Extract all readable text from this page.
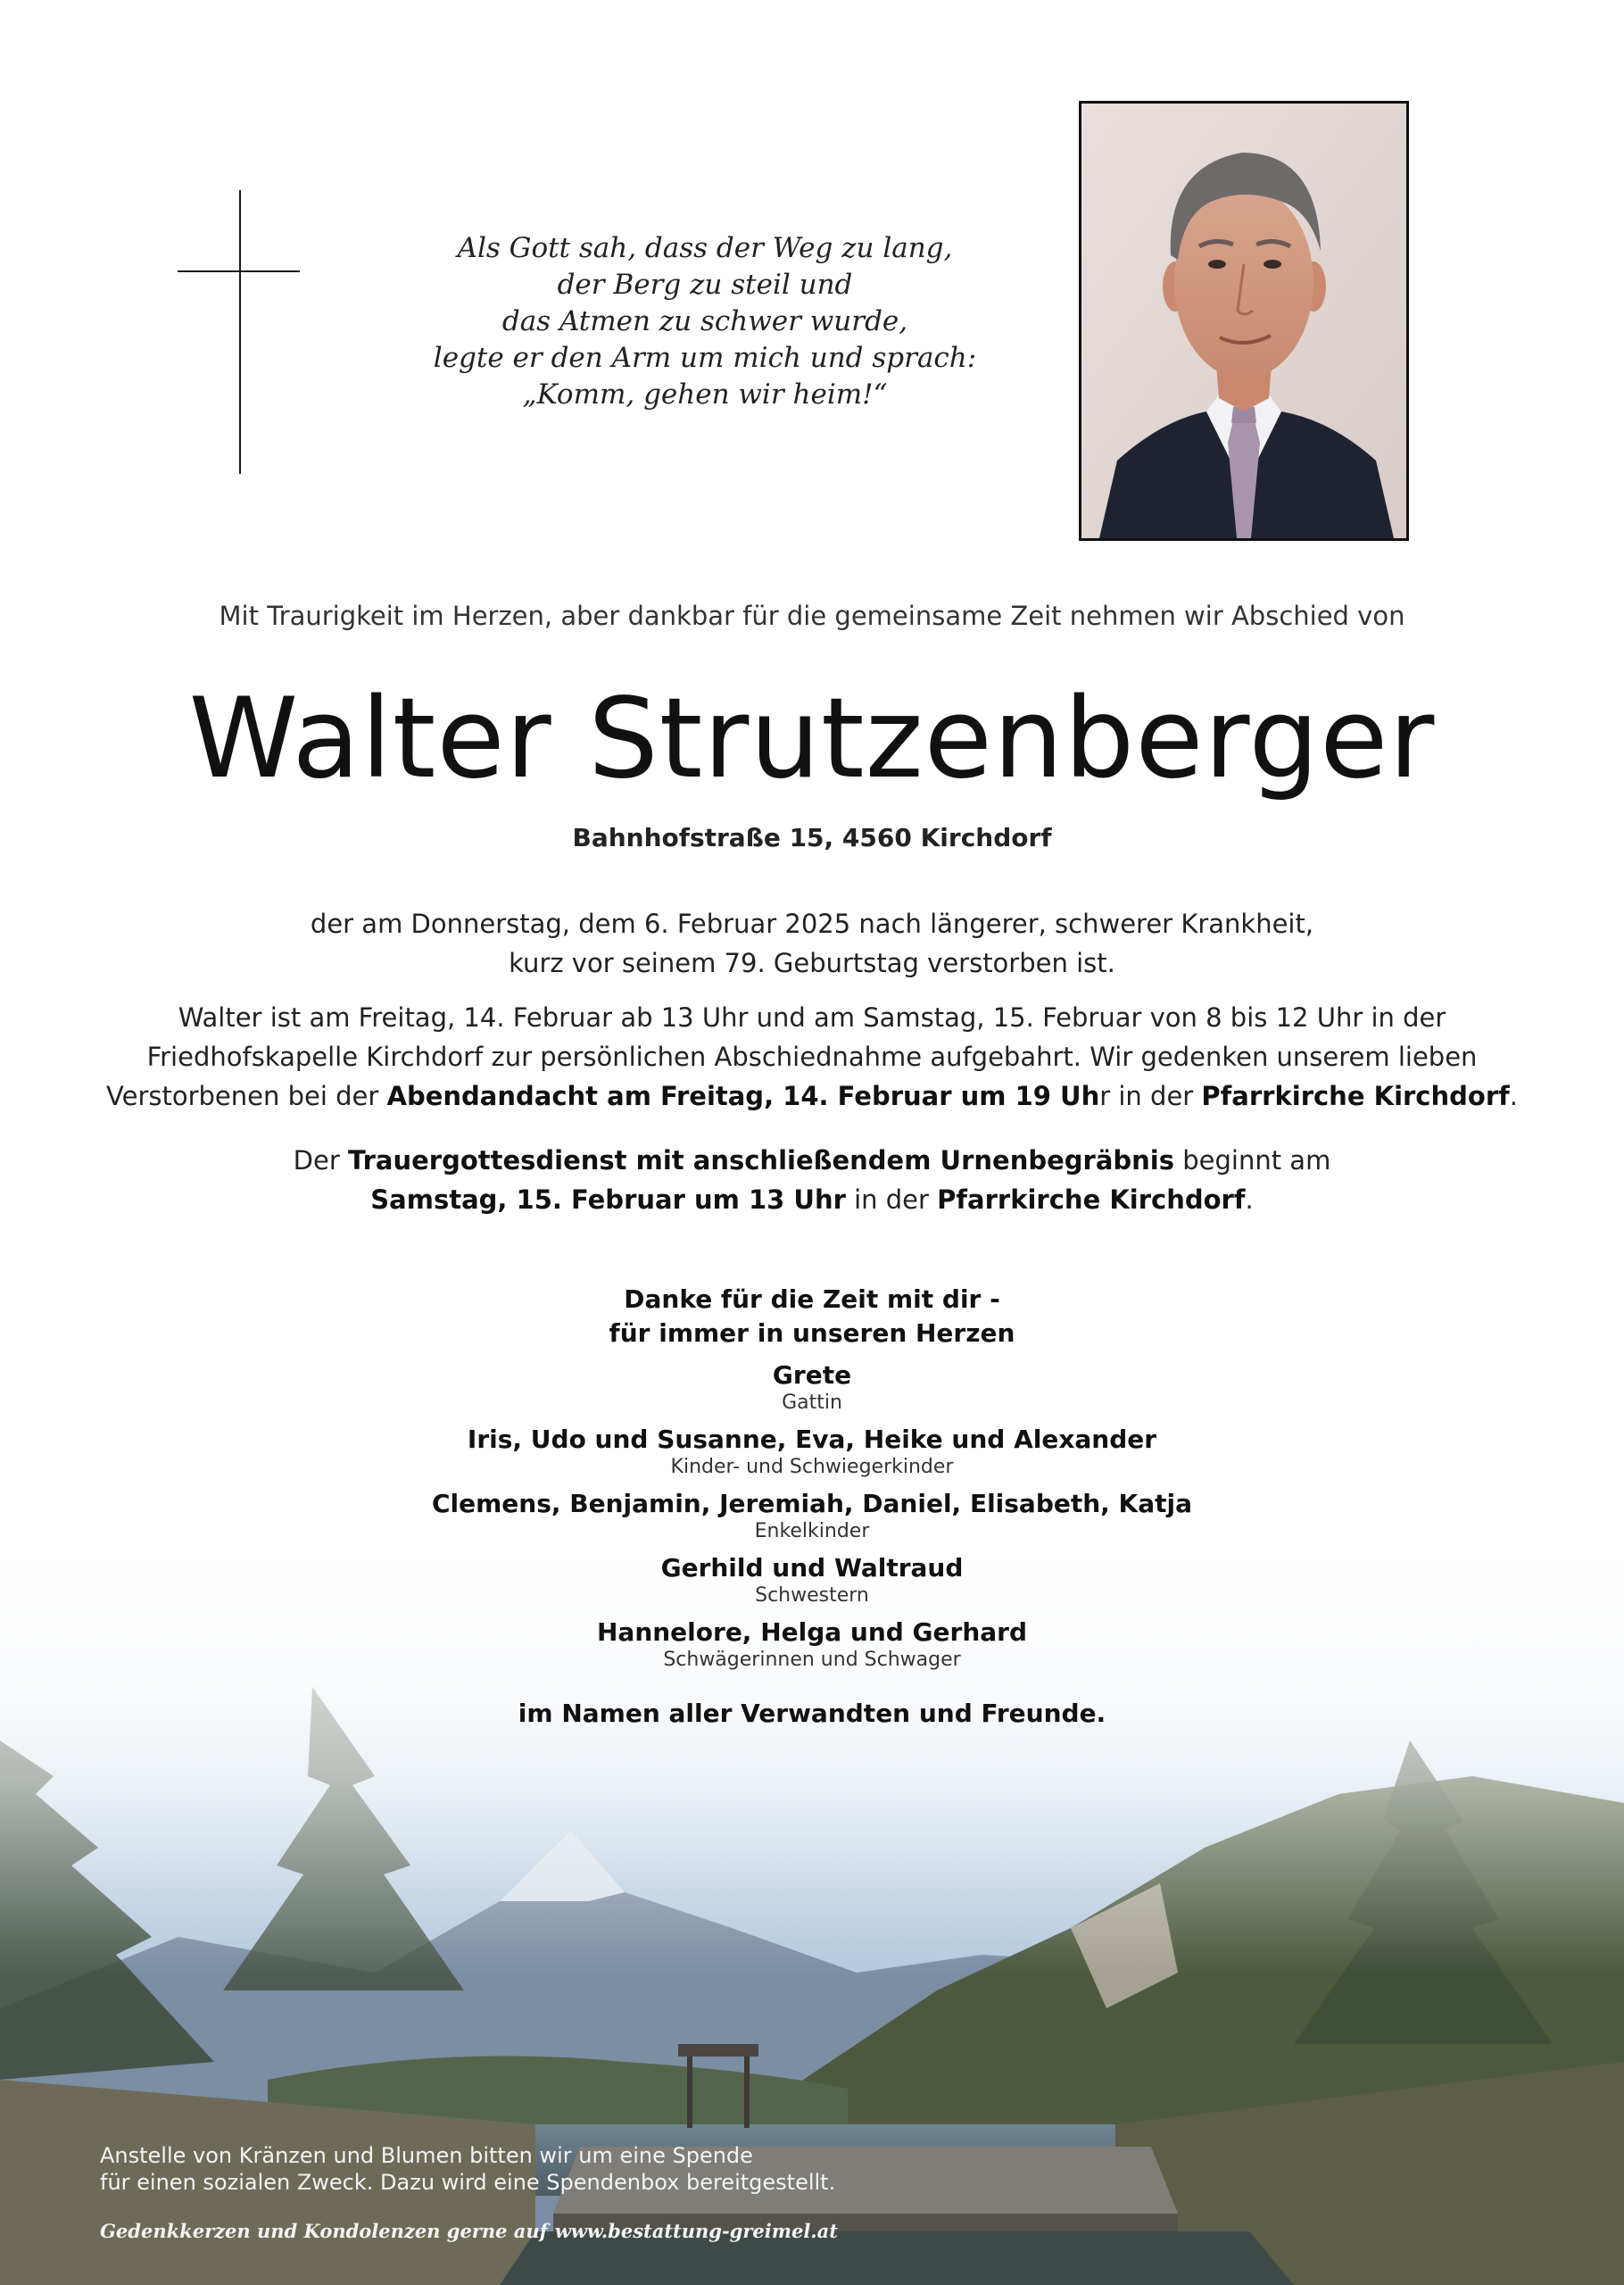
Als Gott sah, dass der Weg zu lang,
der Berg zu steil und
das Atmen zu schwer wurde,
legte er den Arm um mich und sprach:
„Komm, gehen wir heim!“
Mit Traurigkeit im Herzen, aber dankbar für die gemeinsame Zeit nehmen wir Abschied von
Walter Strutzenberger
Bahnhofstraße 15, 4560 Kirchdorf
der am Donnerstag, dem 6. Februar 2025 nach längerer, schwerer Krankheit,
kurz vor seinem 79. Geburtstag verstorben ist.
Walter ist am Freitag, 14. Februar ab 13 Uhr und am Samstag, 15. Februar von 8 bis 12 Uhr in der
Friedhofskapelle Kirchdorf zur persönlichen Abschiednahme aufgebahrt. Wir gedenken unserem lieben
Verstorbenen bei der Abendandacht am Freitag, 14. Februar um 19 Uhr in der Pfarrkirche Kirchdorf.
Der Trauergottesdienst mit anschließendem Urnenbegräbnis beginnt am
Samstag, 15. Februar um 13 Uhr in der Pfarrkirche Kirchdorf.
Danke für die Zeit mit dir -
für immer in unseren Herzen
Grete
Gattin
Iris, Udo und Susanne, Eva, Heike und Alexander
Kinder- und Schwiegerkinder
Clemens, Benjamin, Jeremiah, Daniel, Elisabeth, Katja
Enkelkinder
Gerhild und Waltraud
Schwestern
Hannelore, Helga und Gerhard
Schwägerinnen und Schwager
im Namen aller Verwandten und Freunde.
Anstelle von Kränzen und Blumen bitten wir um eine Spende
für einen sozialen Zweck. Dazu wird eine Spendenbox bereitgestellt.
Gedenkkerzen und Kondolenzen gerne auf www.bestattung-greimel.at
